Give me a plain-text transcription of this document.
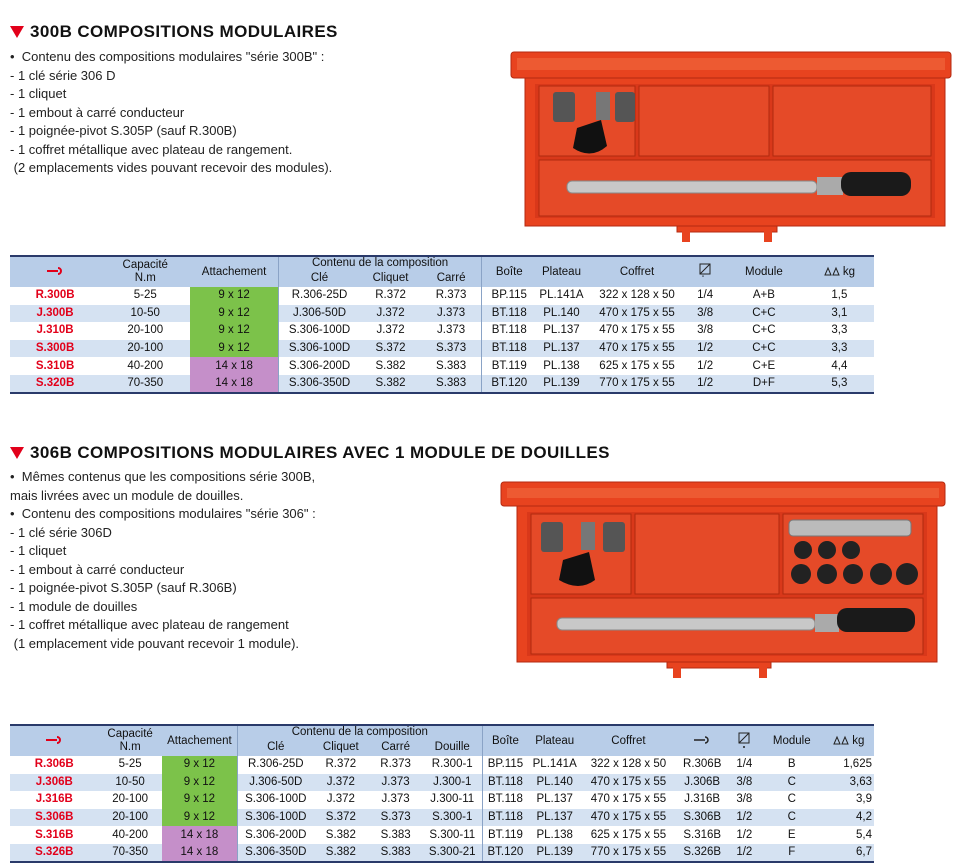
300B COMPOSITIONS MODULAIRES
•  Contenu des compositions modulaires "série 300B" :
- 1 clé série 306 D
- 1 cliquet
- 1 embout à carré conducteur
- 1 poignée-pivot S.305P (sauf R.300B)
- 1 coffret métallique avec plateau de rangement.
(2 emplacements vides pouvant recevoir des modules).

Capacité
N.m	Attachement	Contenu de la composition			Boîte	Plateau	Coffret	"	Module	kg
			Clé	Cliquet	Carré						
R.300B	5-25	9 x 12	R.306-25D	R.372	R.373	BP.115	PL.141A	322 x 128 x 50	1/4	A+B	1,5
J.300B	10-50	9 x 12	J.306-50D	J.372	J.373	BT.118	PL.140	470 x 175 x 55	3/8	C+C	3,1
J.310B	20-100	9 x 12	S.306-100D	J.372	J.373	BT.118	PL.137	470 x 175 x 55	3/8	C+C	3,3
S.300B	20-100	9 x 12	S.306-100D	S.372	S.373	BT.118	PL.137	470 x 175 x 55	1/2	C+C	3,3
S.310B	40-200	14 x 18	S.306-200D	S.382	S.383	BT.119	PL.138	625 x 175 x 55	1/2	C+E	4,4
S.320B	70-350	14 x 18	S.306-350D	S.382	S.383	BT.120	PL.139	770 x 175 x 55	1/2	D+F	5,3
306B COMPOSITIONS MODULAIRES AVEC 1 MODULE DE DOUILLES
•  Mêmes contenus que les compositions série 300B,
mais livrées avec un module de douilles.
•  Contenu des compositions modulaires "série 306" :
- 1 clé série 306D
- 1 cliquet
- 1 embout à carré conducteur
- 1 poignée-pivot S.305P (sauf R.306B)
- 1 module de douilles
- 1 coffret métallique avec plateau de rangement
(1 emplacement vide pouvant recevoir 1 module).

Capacité
N.m	Attachement	Contenu de la composition				Boîte	Plateau	Coffret			Module	kg
			Clé	Cliquet	Carré	Douille							
R.306B	5-25	9 x 12	R.306-25D	R.372	R.373	R.300-1	BP.115	PL.141A	322 x 128 x 50	R.306B	1/4	B	1,625
J.306B	10-50	9 x 12	J.306-50D	J.372	J.373	J.300-1	BT.118	PL.140	470 x 175 x 55	J.306B	3/8	C	3,63
J.316B	20-100	9 x 12	S.306-100D	J.372	J.373	J.300-11	BT.118	PL.137	470 x 175 x 55	J.316B	3/8	C	3,9
S.306B	20-100	9 x 12	S.306-100D	S.372	S.373	S.300-1	BT.118	PL.137	470 x 175 x 55	S.306B	1/2	C	4,2
S.316B	40-200	14 x 18	S.306-200D	S.382	S.383	S.300-11	BT.119	PL.138	625 x 175 x 55	S.316B	1/2	E	5,4
S.326B	70-350	14 x 18	S.306-350D	S.382	S.383	S.300-21	BT.120	PL.139	770 x 175 x 55	S.326B	1/2	F	6,7
